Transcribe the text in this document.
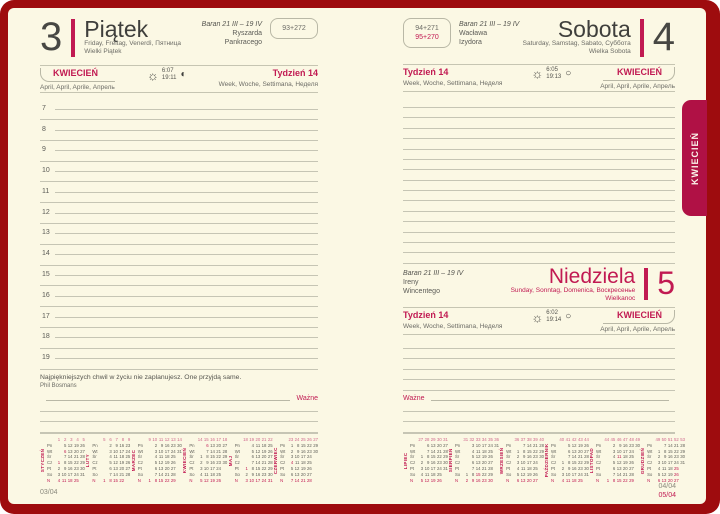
3 Piątek
Friday, Freitag, Venerdì, Пятница
Wielki Piątek
Baran 21 III – 19 IV
Ryszarda
Pankracego
93+272
KWIECIEŃ
April, April, Aprile, Апрель
☼ 6:07
19:11 ◐	Tydzień 14
Week, Woche, Settimana, Неделя
7
8
9
10
11
12
13
14
15
16
17
18
19
Najpiękniejszych chwil w życiu nie zaplanujesz. One przyjdą same.
Phil Bosmans
Ważne
STYCZEŃ
1 2 3 4 5
Pn	5 12 19 26
Wt	6 13 20 27
Śr	7 14 21 28
Cz	1 8 15 22 29
Pt	2 9 16 23 30
So	3 10 17 24 31
N	4 11 18 25
LUTY
5 6 7 8 9
Pn	2 9 16 23
Wt	3 10 17 24
Śr	4 11 18 25
Cz	5 12 19 26
Pt	6 13 20 27
So	7 14 21 28
N	1 8 15 22
MARZEC
9 10 11 12 13 14
Pn	2 9 16 23 30
Wt	3 10 17 24 31
Śr	4 11 18 25
Cz	5 12 19 26
Pt	6 13 20 27
So	7 14 21 28
N	1 8 15 22 29
KWIECIEŃ
14 15 16 17 18
Pn	6 13 20 27
Wt	7 14 21 28
Śr	1 8 15 22 29
Cz	2 9 16 23 30
Pt	3 10 17 24
So	4 11 18 25
N	5 12 19 26
MAJ
18 19 20 21 22
Pn	4 11 18 25
Wt	5 12 19 26
Śr	6 13 20 27
Cz	7 14 21 28
Pt	1 8 15 22 29
So	2 9 16 23 30
N	3 10 17 24 31
CZERWIEC
23 24 25 26 27
Pn	1 8 15 22 29
Wt	2 9 16 23 30
Śr	3 10 17 24
Cz	4 11 18 25
Pt	5 12 19 26
So	6 13 20 27
N	7 14 21 28
94+271
95+270
Baran 21 III – 19 IV
Wacława
Izydora
Sobota
Saturday, Samstag, Sabato, Суббота
Wielka Sobota 4
Tydzień 14
Week, Woche, Settimana, Неделя
☼ 6:05
19:13 ○	KWIECIEŃ
April, April, Aprile, Апрель
Baran 21 III – 19 IV
Ireny
Wincentego
Niedziela
Sunday, Sonntag, Domenica, Воскресенье
Wielkanoc 5
Tydzień 14
Week, Woche, Settimana, Неделя
☼ 6:02
19:14 ○	KWIECIEŃ
April, April, Aprile, Апрель
Ważne
LIPIEC
27 28 29 30 31
Pn	6 13 20 27
Wt	7 14 21 28
Śr	1 8 15 22 29
Cz	2 9 16 23 30
Pt	3 10 17 24 31
So	4 11 18 25
N	5 12 19 26
SIERPIEŃ
31 32 33 34 35 36
Pn	3 10 17 24 31
Wt	4 11 18 25
Śr	5 12 19 26
Cz	6 13 20 27
Pt	7 14 21 28
So	1 8 15 22 29
N	2 9 16 23 30
WRZESIEŃ
36 37 38 39 40
Pn	7 14 21 28
Wt	1 8 15 22 29
Śr	2 9 16 23 30
Cz	3 10 17 24
Pt	4 11 18 25
So	5 12 19 26
N	6 13 20 27
PAŹDZIERNIK
40 41 42 43 44
Pn	5 12 19 26
Wt	6 13 20 27
Śr	7 14 21 28
Cz	1 8 15 22 29
Pt	2 9 16 23 30
So	3 10 17 24 31
N	4 11 18 25
LISTOPAD
44 45 46 47 48 49
Pn	2 9 16 23 30
Wt	3 10 17 24
Śr	4 11 18 25
Cz	5 12 19 26
Pt	6 13 20 27
So	7 14 21 28
N	1 8 15 22 29
GRUDZIEŃ
49 50 51 52 53
Pn	7 14 21 28
Wt	1 8 15 22 29
Śr	2 9 16 23 30
Cz	3 10 17 24 31
Pt	4 11 18 25
So	5 12 19 26
N	6 13 20 27
KWIECIEŃ
03/04
04/04
05/04
